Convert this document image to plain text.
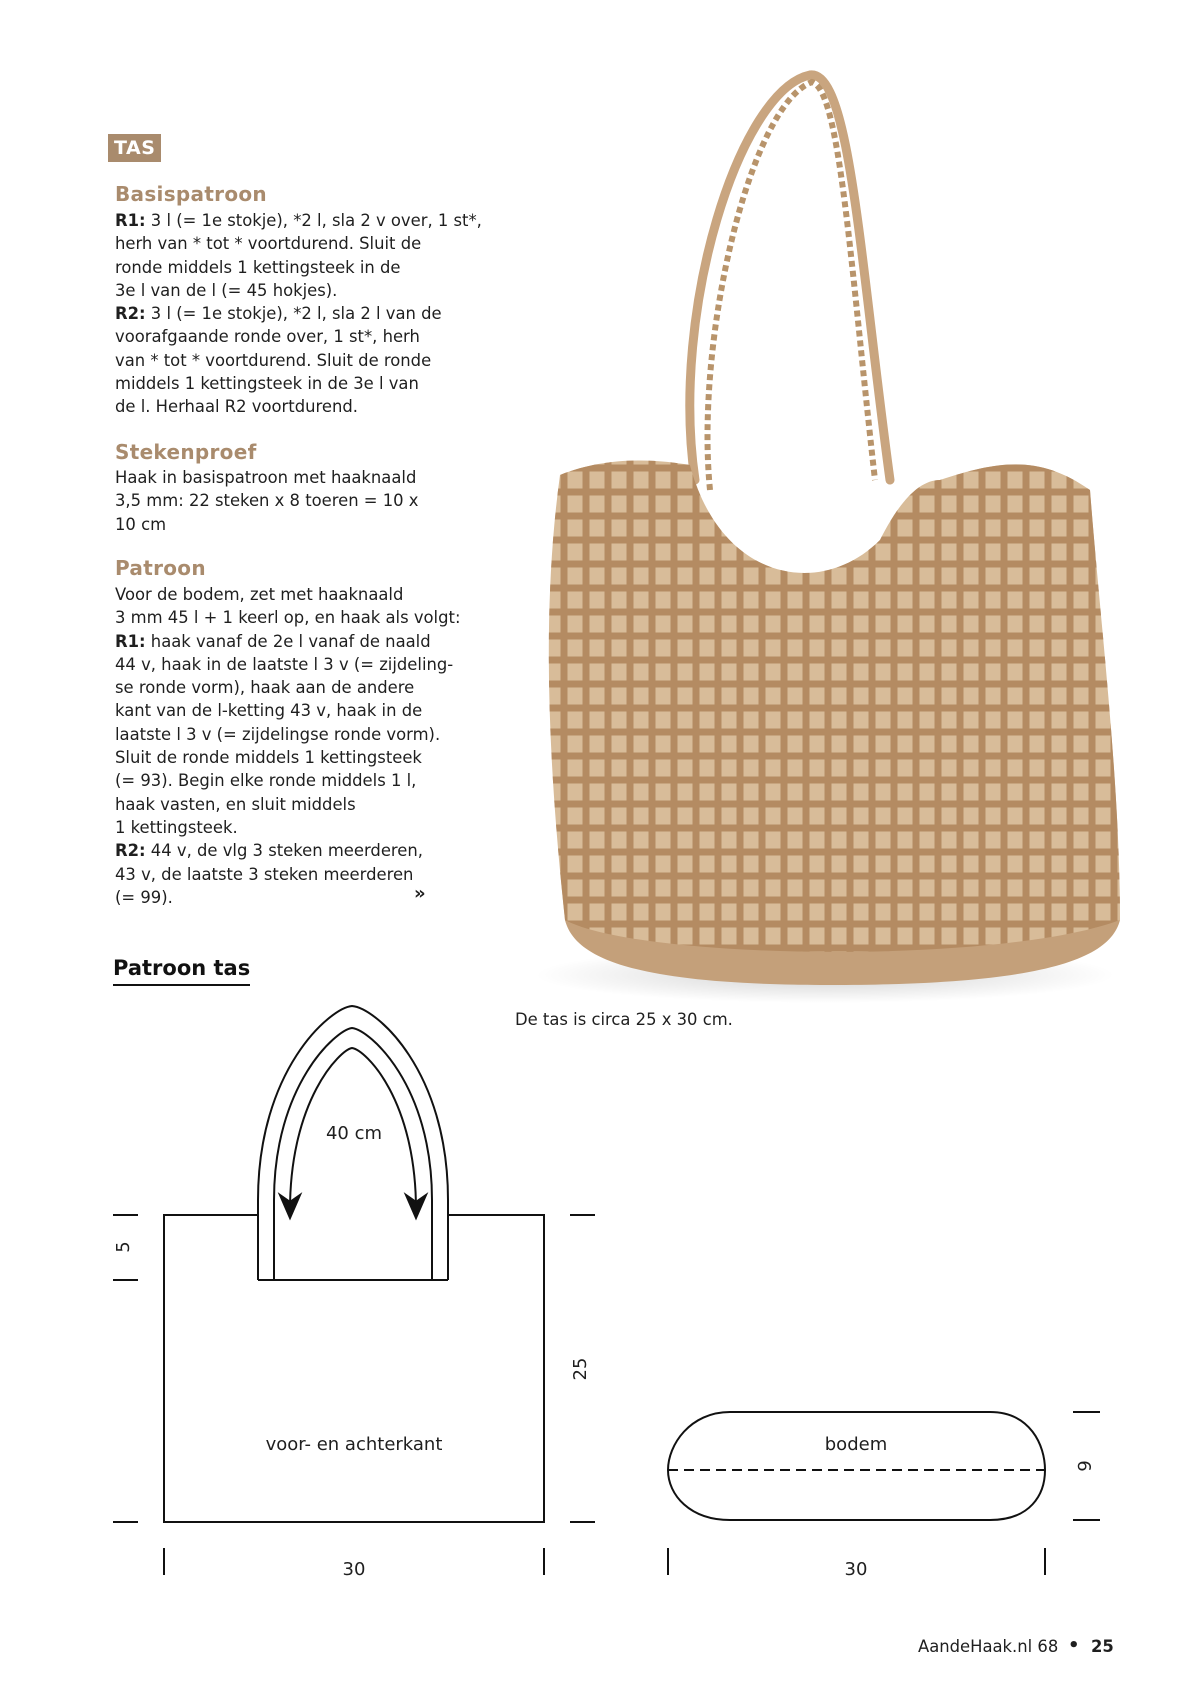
TAS
Basispatroon
R1: 3 l (= 1e stokje), *2 l, sla 2 v over, 1 st*,
herh van * tot * voortdurend. Sluit de
ronde middels 1 kettingsteek in de
3e l van de l (= 45 hokjes).
R2: 3 l (= 1e stokje), *2 l, sla 2 l van de
voorafgaande ronde over, 1 st*, herh
van * tot * voortdurend. Sluit de ronde
middels 1 kettingsteek in de 3e l van
de l. Herhaal R2 voortdurend.
Stekenproef
Haak in basispatroon met haaknaald
3,5 mm: 22 steken x 8 toeren = 10 x
10 cm
Patroon
Voor de bodem, zet met haaknaald
3 mm 45 l + 1 keerl op, en haak als volgt:
R1: haak vanaf de 2e l vanaf de naald
44 v, haak in de laatste l 3 v (= zijdeling-
se ronde vorm), haak aan de andere
kant van de l-ketting 43 v, haak in de
laatste l 3 v (= zijdelingse ronde vorm).
Sluit de ronde middels 1 kettingsteek
(= 93). Begin elke ronde middels 1 l,
haak vasten, en sluit middels
1 kettingsteek.
R2: 44 v, de vlg 3 steken meerderen,
43 v, de laatste 3 steken meerderen
(= 99).	»
De tas is circa 25 x 30 cm.
Patroon tas
40 cm
5
25
voor- en achterkant
30
bodem
6
30
AandeHaak.nl 68 • 25
